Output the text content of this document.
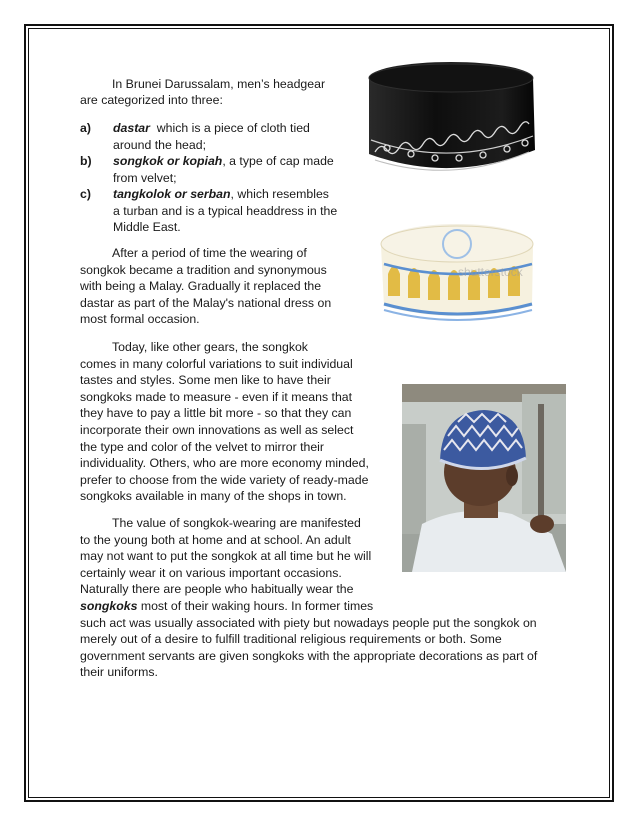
In Brunei Darussalam, men’s headgear

are categorized into three:

a) dastar  which is a piece of cloth tied
around the head;
b) songkok or kopiah, a type of cap made
from velvet;
c) tangkolok or serban, which resembles
a turban and is a typical headdress in the
Middle East.

After a period of time the wearing of

songkok became a tradition and synonymous

with being a Malay. Gradually it replaced the

dastar as part of the Malay's national dress on

most formal occasion.

Today, like other gears, the songkok

comes in many colorful variations to suit individual

tastes and styles. Some men like to have their

songkoks made to measure - even if it means that

they have to pay a little bit more - so that they can

incorporate their own innovations as well as select

the type and color of the velvet to mirror their

individuality. Others, who are more economy minded,

prefer to choose from the wide variety of ready-made

songkoks available in many of the shops in town.

The value of songkok-wearing are manifested

to the young both at home and at school. An adult

may not want to put the songkok at all time but he will

certainly wear it on various important occasions.

Naturally there are people who habitually wear the

songkoks most of their waking hours. In former times

such act was usually associated with piety but nowadays people put the songkok on

merely out of a desire to fulfill traditional religious requirements or both. Some

government servants are given songkoks with the appropriate decorations as part of

their uniforms.

shutterstock
